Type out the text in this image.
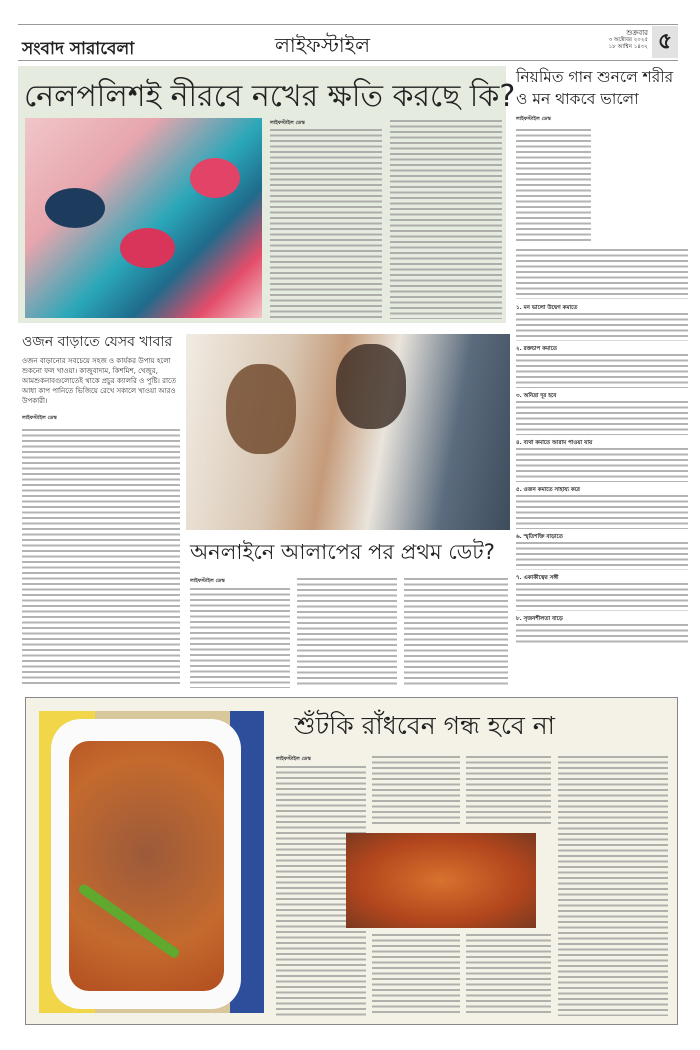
সংবাদ সারাবেলা	লাইফস্টাইল	শুক্রবার
৩ অক্টোবর ২০২৫
১৮ আশ্বিন ১৪৩২ ৫
নেলপলিশই নীরবে নখের ক্ষতি করছে কি?
লাইফস্টাইল ডেস্ক
নিয়মিত গান শুনলে শরীর ও মন থাকবে ভালো
লাইফস্টাইল ডেস্ক
১. মন ভালো উদ্বেগ কমাতে
২. রক্তচাপ কমাতে
৩. অনিদ্রা দূর হবে
৪. ব্যথা কমাতে আরাম পাওয়া যায়
৫. ওজন কমাতে সাহায্য করে
৬. স্মৃতিশক্তি বাড়াতে
৭. একাকীত্বের সঙ্গী
৮. সৃজনশীলতা বাড়ে
ওজন বাড়াতে যেসব খাবার
ওজন বাড়ানোর সবচেয়ে সহজ ও কার্যকর উপায় হলো শুকনো ফল খাওয়া। কাজুবাদাম, কিশমিশ, খেজুর, আমশুকনাবগুলোতেই থাকে প্রচুর ক্যালরি ও পুষ্টি। রাতে আধা কাপ পানিতে ভিজিয়ে রেখে সকালে খাওয়া আরও উপকারী।
লাইফস্টাইল ডেস্ক
অনলাইনে আলাপের পর প্রথম ডেট?
লাইফস্টাইল ডেস্ক
শুঁটকি রাঁধবেন গন্ধ হবে না
লাইফস্টাইল ডেস্ক
